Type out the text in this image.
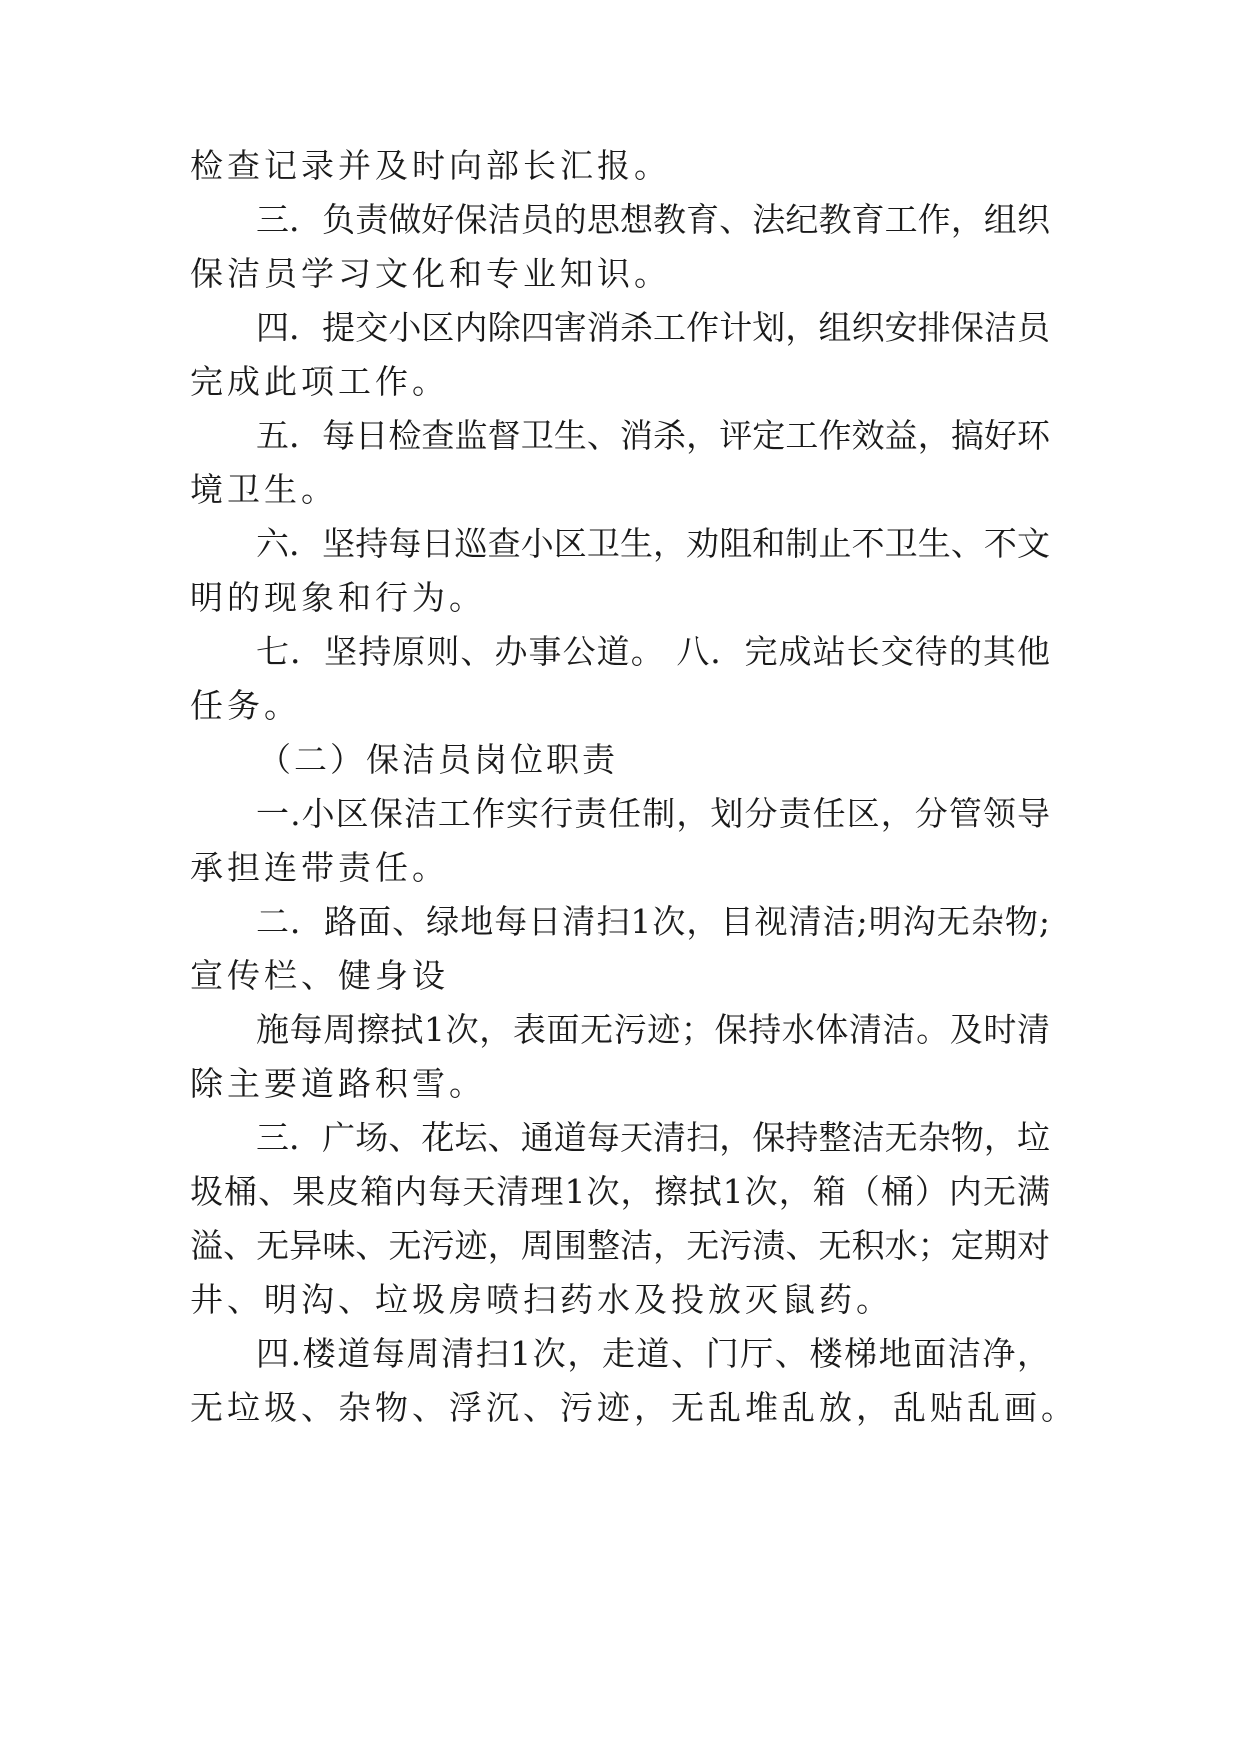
检查记录并及时向部长汇报。
三．负责做好保洁员的思想教育、法纪教育工作，组织
保洁员学习文化和专业知识。
四．提交小区内除四害消杀工作计划，组织安排保洁员
完成此项工作。
五．每日检查监督卫生、消杀，评定工作效益，搞好环
境卫生。
六．坚持每日巡查小区卫生，劝阻和制止不卫生、不文
明的现象和行为。
七．坚持原则、办事公道。 八．完成站长交待的其他
任务。
（二）保洁员岗位职责
一.小区保洁工作实行责任制，划分责任区，分管领导
承担连带责任。
二．路面、绿地每日清扫1次，目视清洁;明沟无杂物;
宣传栏、健身设
施每周擦拭1次，表面无污迹；保持水体清洁。及时清
除主要道路积雪。
三．广场、花坛、通道每天清扫，保持整洁无杂物，垃
圾桶、果皮箱内每天清理1次，擦拭1次，箱（桶）内无满
溢、无异味、无污迹，周围整洁，无污渍、无积水；定期对
井、明沟、垃圾房喷扫药水及投放灭鼠药。
四.楼道每周清扫1次，走道、门厅、楼梯地面洁净，
无垃圾、杂物、浮沉、污迹，无乱堆乱放，乱贴乱画。
